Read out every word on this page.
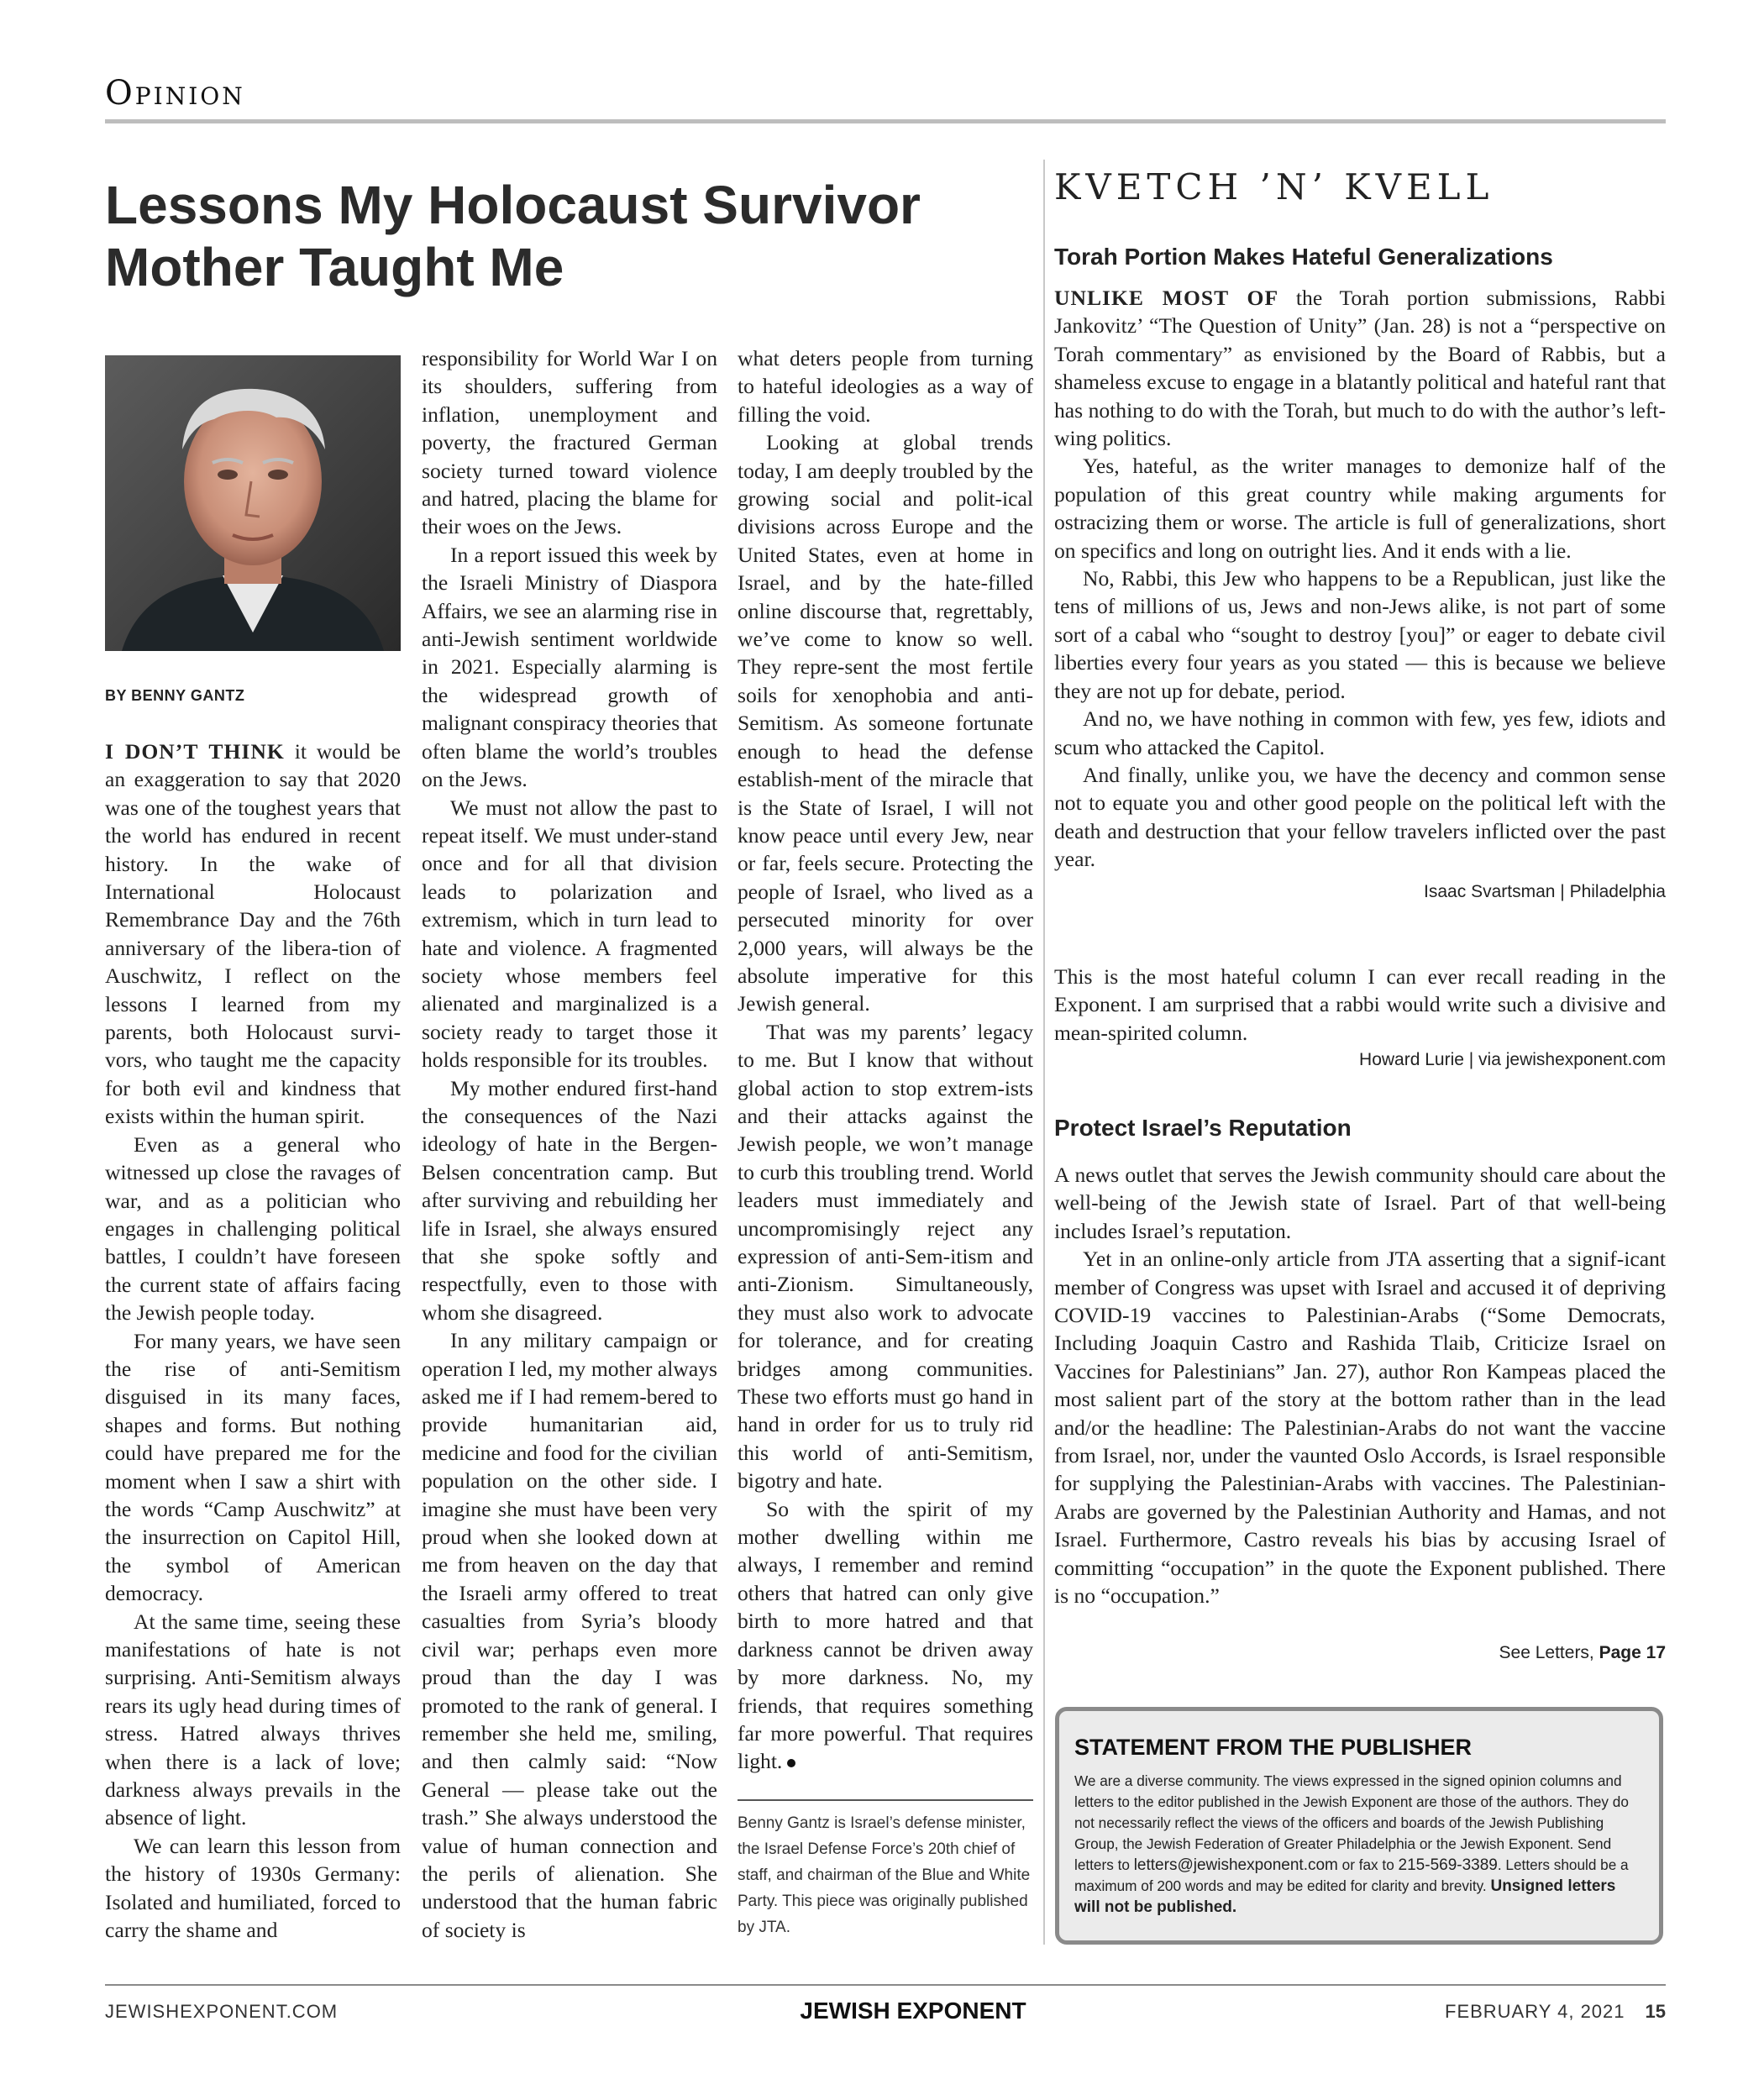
Opinion
Lessons My Holocaust Survivor Mother Taught Me
BY BENNY GANTZ

I DON’T THINK it would be an exaggeration to say that 2020 was one of the toughest years that the world has endured in recent history. In the wake of International Holocaust Remembrance Day and the 76th anniversary of the libera-tion of Auschwitz, I reflect on the lessons I learned from my parents, both Holocaust survi-vors, who taught me the capacity for both evil and kindness that exists within the human spirit.

Even as a general who witnessed up close the ravages of war, and as a politician who engages in challenging political battles, I couldn’t have foreseen the current state of affairs facing the Jewish people today.

For many years, we have seen the rise of anti-Semitism disguised in its many faces, shapes and forms. But nothing could have prepared me for the moment when I saw a shirt with the words “Camp Auschwitz” at the insurrection on Capitol Hill, the symbol of American democracy.

At the same time, seeing these manifestations of hate is not surprising. Anti-Semitism always rears its ugly head during times of stress. Hatred always thrives when there is a lack of love; darkness always prevails in the absence of light.

We can learn this lesson from the history of 1930s Germany: Isolated and humiliated, forced to carry the shame and

responsibility for World War I on its shoulders, suffering from inflation, unemployment and poverty, the fractured German society turned toward violence and hatred, placing the blame for their woes on the Jews.

In a report issued this week by the Israeli Ministry of Diaspora Affairs, we see an alarming rise in anti-Jewish sentiment worldwide in 2021. Especially alarming is the widespread growth of malignant conspiracy theories that often blame the world’s troubles on the Jews.

We must not allow the past to repeat itself. We must under-stand once and for all that division leads to polarization and extremism, which in turn lead to hate and violence. A fragmented society whose members feel alienated and marginalized is a society ready to target those it holds responsible for its troubles.

My mother endured first-hand the consequences of the Nazi ideology of hate in the Bergen-Belsen concentration camp. But after surviving and rebuilding her life in Israel, she always ensured that she spoke softly and respectfully, even to those with whom she disagreed.

In any military campaign or operation I led, my mother always asked me if I had remem-bered to provide humanitarian aid, medicine and food for the civilian population on the other side. I imagine she must have been very proud when she looked down at me from heaven on the day that the Israeli army offered to treat casualties from Syria’s bloody civil war; perhaps even more proud than the day I was promoted to the rank of general. I remember she held me, smiling, and then calmly said: “Now General — please take out the trash.” She always understood the value of human connection and the perils of alienation. She understood that the human fabric of society is

what deters people from turning to hateful ideologies as a way of filling the void.

Looking at global trends today, I am deeply troubled by the growing social and polit-ical divisions across Europe and the United States, even at home in Israel, and by the hate-filled online discourse that, regrettably, we’ve come to know so well. They repre-sent the most fertile soils for xenophobia and anti-Semitism. As someone fortunate enough to head the defense establish-ment of the miracle that is the State of Israel, I will not know peace until every Jew, near or far, feels secure. Protecting the people of Israel, who lived as a persecuted minority for over 2,000 years, will always be the absolute imperative for this Jewish general.

That was my parents’ legacy to me. But I know that without global action to stop extrem-ists and their attacks against the Jewish people, we won’t manage to curb this troubling trend. World leaders must immediately and uncompromisingly reject any expression of anti-Sem-itism and anti-Zionism. Simultaneously, they must also work to advocate for tolerance, and for creating bridges among communities. These two efforts must go hand in hand in order for us to truly rid this world of anti-Semitism, bigotry and hate.

So with the spirit of my mother dwelling within me always, I remember and remind others that hatred can only give birth to more hatred and that darkness cannot be driven away by more darkness. No, my friends, that requires something far more powerful. That requires light.

Benny Gantz is Israel’s defense minister, the Israel Defense Force’s 20th chief of staff, and chairman of the Blue and White Party. This piece was originally published by JTA.
KVETCH ’N’ KVELL
Torah Portion Makes Hateful Generalizations

UNLIKE MOST OF the Torah portion submissions, Rabbi Jankovitz’ “The Question of Unity” (Jan. 28) is not a “perspective on Torah commentary” as envisioned by the Board of Rabbis, but a shameless excuse to engage in a blatantly political and hateful rant that has nothing to do with the Torah, but much to do with the author’s left-wing politics.

Yes, hateful, as the writer manages to demonize half of the population of this great country while making arguments for ostracizing them or worse. The article is full of generalizations, short on specifics and long on outright lies. And it ends with a lie.

No, Rabbi, this Jew who happens to be a Republican, just like the tens of millions of us, Jews and non-Jews alike, is not part of some sort of a cabal who “sought to destroy [you]” or eager to debate civil liberties every four years as you stated — this is because we believe they are not up for debate, period.

And no, we have nothing in common with few, yes few, idiots and scum who attacked the Capitol.

And finally, unlike you, we have the decency and common sense not to equate you and other good people on the political left with the death and destruction that your fellow travelers inflicted over the past year.

Isaac Svartsman | Philadelphia

This is the most hateful column I can ever recall reading in the Exponent. I am surprised that a rabbi would write such a divisive and mean-spirited column.

Howard Lurie | via jewishexponent.com
Protect Israel’s Reputation

A news outlet that serves the Jewish community should care about the well-being of the Jewish state of Israel. Part of that well-being includes Israel’s reputation.

Yet in an online-only article from JTA asserting that a signif-icant member of Congress was upset with Israel and accused it of depriving COVID-19 vaccines to Palestinian-Arabs (“Some Democrats, Including Joaquin Castro and Rashida Tlaib, Criticize Israel on Vaccines for Palestinians” Jan. 27), author Ron Kampeas placed the most salient part of the story at the bottom rather than in the lead and/or the headline: The Palestinian-Arabs do not want the vaccine from Israel, nor, under the vaunted Oslo Accords, is Israel responsible for supplying the Palestinian-Arabs with vaccines. The Palestinian-Arabs are governed by the Palestinian Authority and Hamas, and not Israel. Furthermore, Castro reveals his bias by accusing Israel of committing “occupation” in the quote the Exponent published. There is no “occupation.”

See Letters, Page 17
STATEMENT FROM THE PUBLISHER
We are a diverse community. The views expressed in the signed opinion columns and letters to the editor published in the Jewish Exponent are those of the authors. They do not necessarily reflect the views of the officers and boards of the Jewish Publishing Group, the Jewish Federation of Greater Philadelphia or the Jewish Exponent. Send letters to letters@jewishexponent.com or fax to 215-569-3389. Letters should be a maximum of 200 words and may be edited for clarity and brevity. Unsigned letters will not be published.
JEWISHEXPONENT.COM	JEWISH EXPONENT	FEBRUARY 4, 2021 15
